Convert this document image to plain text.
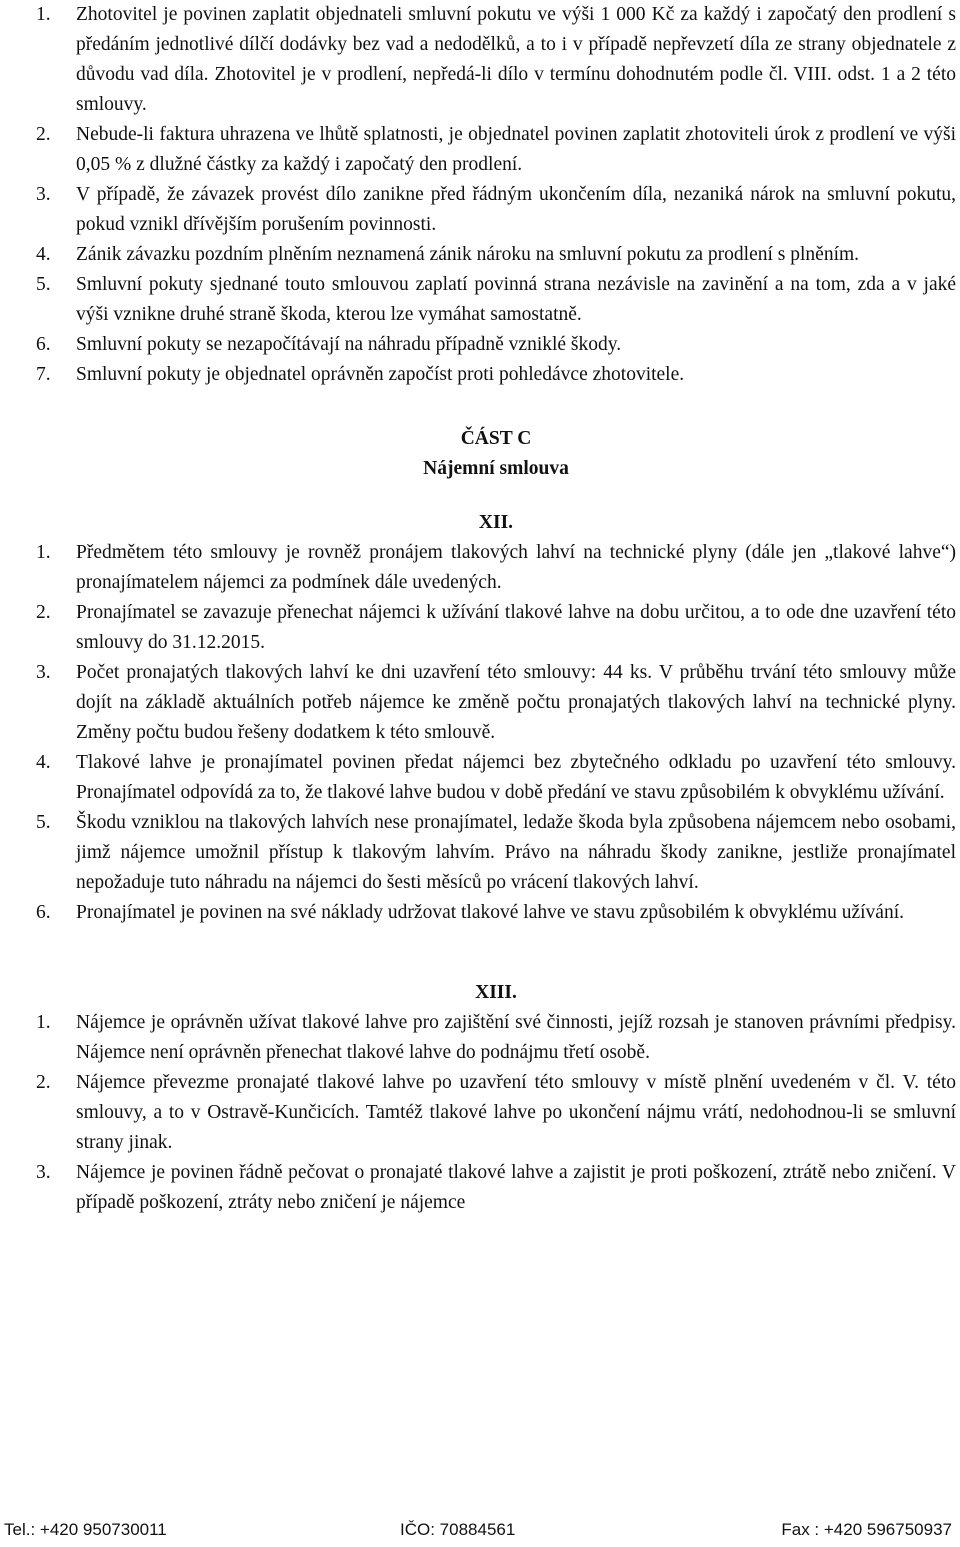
1. Zhotovitel je povinen zaplatit objednateli smluvní pokutu ve výši 1 000 Kč za každý i započatý den prodlení s předáním jednotlivé dílčí dodávky bez vad a nedodělků, a to i v případě nepřevzetí díla ze strany objednatele z důvodu vad díla. Zhotovitel je v prodlení, nepředá-li dílo v termínu dohodnutém podle čl. VIII. odst. 1 a 2 této smlouvy.
2. Nebude-li faktura uhrazena ve lhůtě splatnosti, je objednatel povinen zaplatit zhotoviteli úrok z prodlení ve výši 0,05 % z dlužné částky za každý i započatý den prodlení.
3. V případě, že závazek provést dílo zanikne před řádným ukončením díla, nezaniká nárok na smluvní pokutu, pokud vznikl dřívějším porušením povinnosti.
4. Zánik závazku pozdním plněním neznamená zánik nároku na smluvní pokutu za prodlení s plněním.
5. Smluvní pokuty sjednané touto smlouvou zaplatí povinná strana nezávisle na zavinění a na tom, zda a v jaké výši vznikne druhé straně škoda, kterou lze vymáhat samostatně.
6. Smluvní pokuty se nezapočítávají na náhradu případně vzniklé škody.
7. Smluvní pokuty je objednatel oprávněn započíst proti pohledávce zhotovitele.

ČÁST C

Nájemní smlouva

XII.

1. Předmětem této smlouvy je rovněž pronájem tlakových lahví na technické plyny (dále jen „tlakové lahve“) pronajímatelem nájemci za podmínek dále uvedených.
2. Pronajímatel se zavazuje přenechat nájemci k užívání tlakové lahve na dobu určitou, a to ode dne uzavření této smlouvy do 31.12.2015.
3. Počet pronajatých tlakových lahví ke dni uzavření této smlouvy: 44 ks. V průběhu trvání této smlouvy může dojít na základě aktuálních potřeb nájemce ke změně počtu pronajatých tlakových lahví na technické plyny. Změny počtu budou řešeny dodatkem k této smlouvě.
4. Tlakové lahve je pronajímatel povinen předat nájemci bez zbytečného odkladu po uzavření této smlouvy. Pronajímatel odpovídá za to, že tlakové lahve budou v době předání ve stavu způsobilém k obvyklému užívání.
5. Škodu vzniklou na tlakových lahvích nese pronajímatel, ledaže škoda byla způsobena nájemcem nebo osobami, jimž nájemce umožnil přístup k tlakovým lahvím. Právo na náhradu škody zanikne, jestliže pronajímatel nepožaduje tuto náhradu na nájemci do šesti měsíců po vrácení tlakových lahví.
6. Pronajímatel je povinen na své náklady udržovat tlakové lahve ve stavu způsobilém k obvyklému užívání.

XIII.

1. Nájemce je oprávněn užívat tlakové lahve pro zajištění své činnosti, jejíž rozsah je stanoven právními předpisy. Nájemce není oprávněn přenechat tlakové lahve do podnájmu třetí osobě.
2. Nájemce převezme pronajaté tlakové lahve po uzavření této smlouvy v místě plnění uvedeném v čl. V. této smlouvy, a to v Ostravě-Kunčicích. Tamtéž tlakové lahve po ukončení nájmu vrátí, nedohodnou-li se smluvní strany jinak.
3. Nájemce je povinen řádně pečovat o pronajaté tlakové lahve a zajistit je proti poškození, ztrátě nebo zničení. V případě poškození, ztráty nebo zničení je nájemce
Tel.: +420 950730011	IČO: 70884561	Fax : +420 596750937
